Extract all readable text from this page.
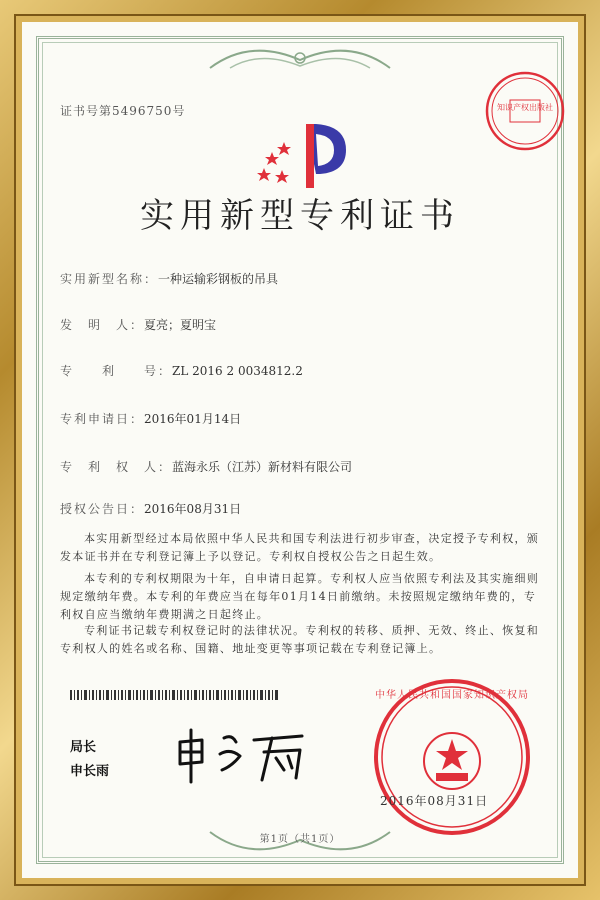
证书号第5496750号	知识产权出版社
实用新型专利证书
实用新型名称：一种运输彩钢板的吊具
发　明　人：夏亮；夏明宝
专　　利　　号：ZL 2016 2 0034812.2
专利申请日：2016年01月14日
专　利　权　人：蓝海永乐（江苏）新材料有限公司
授权公告日：2016年08月31日
本实用新型经过本局依照中华人民共和国专利法进行初步审查，决定授予专利权，颁发本证书并在专利登记簿上予以登记。专利权自授权公告之日起生效。
本专利的专利权期限为十年，自申请日起算。专利权人应当依照专利法及其实施细则规定缴纳年费。本专利的年费应当在每年01月14日前缴纳。未按照规定缴纳年费的，专利权自应当缴纳年费期满之日起终止。
专利证书记载专利权登记时的法律状况。专利权的转移、质押、无效、终止、恢复和专利权人的姓名或名称、国籍、地址变更等事项记载在专利登记簿上。
局长
申长雨
中华人民共和国国家知识产权局
2016年08月31日
第1页（共1页）
